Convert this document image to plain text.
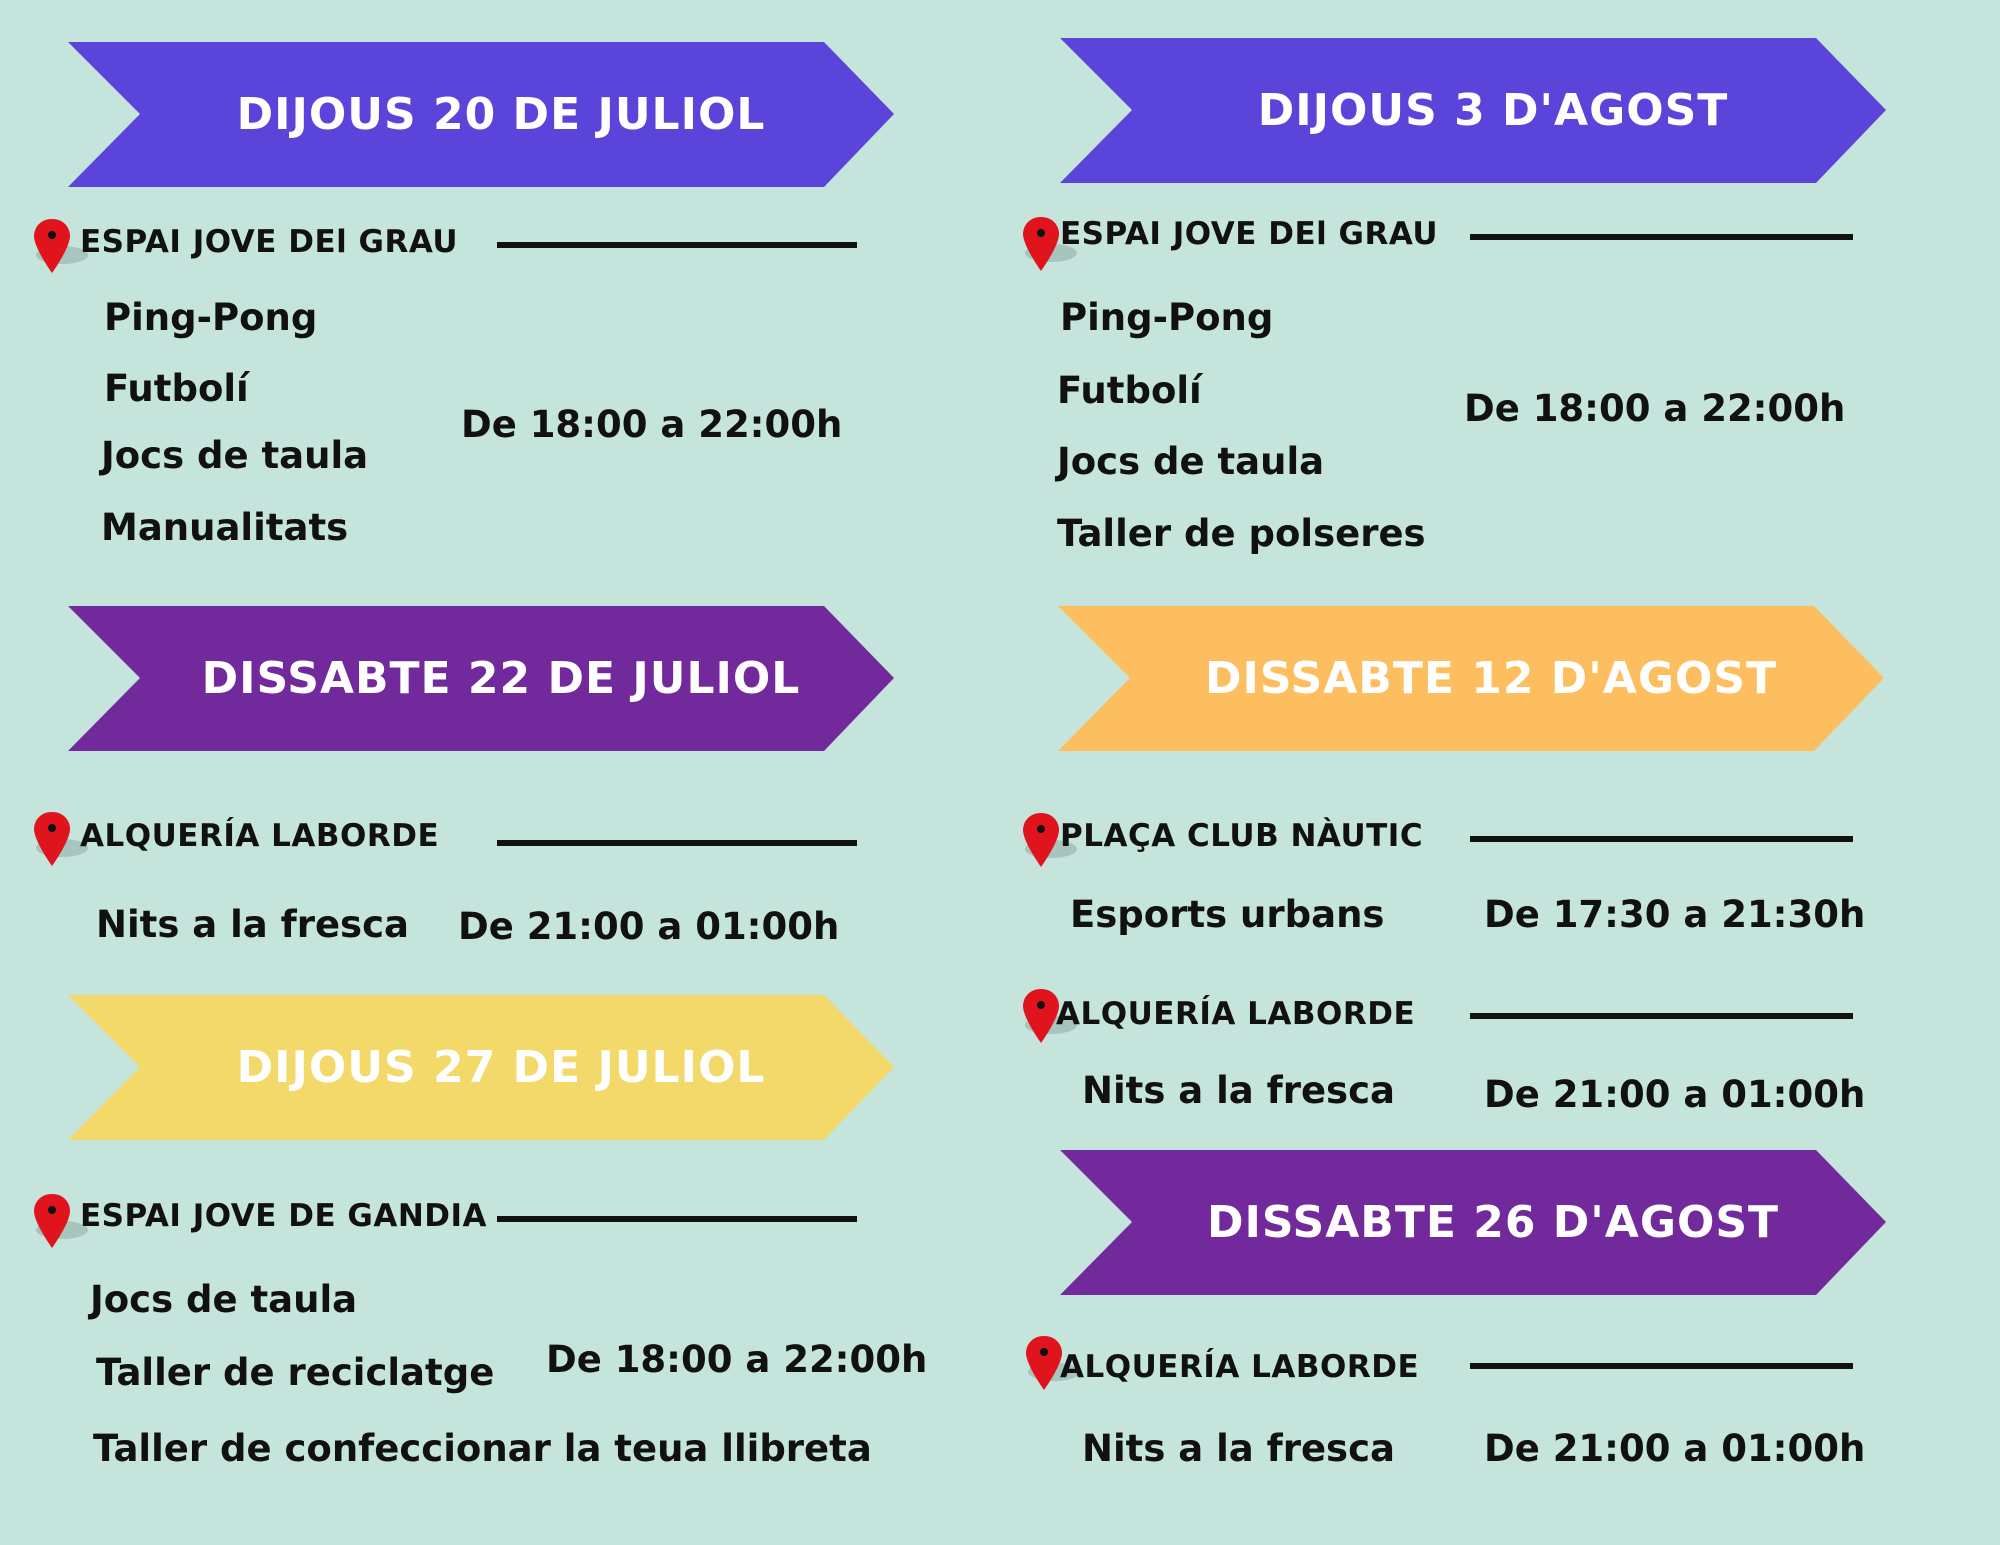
DIJOUS 20 DE JULIOL
ESPAI JOVE DEl GRAU
Ping-Pong
Futbolí
Jocs de taula
Manualitats
De 18:00 a 22:00h
DISSABTE 22 DE JULIOL
ALQUERÍA LABORDE
Nits a la fresca De 21:00 a 01:00h
DIJOUS 27 DE JULIOL
ESPAI JOVE DE GANDIA
Jocs de taula
Taller de reciclatge
Taller de confeccionar la teua llibreta
De 18:00 a 22:00h
DIJOUS 3 D'AGOST
ESPAI JOVE DEl GRAU
Ping-Pong
Futbolí
Jocs de taula
Taller de polseres
De 18:00 a 22:00h
DISSABTE 12 D'AGOST
PLAÇA CLUB NÀUTIC
Esports urbans	De 17:30 a 21:30h
ALQUERÍA LABORDE
Nits a la fresca De 21:00 a 01:00h
DISSABTE 26 D'AGOST
ALQUERÍA LABORDE
Nits a la fresca De 21:00 a 01:00h
